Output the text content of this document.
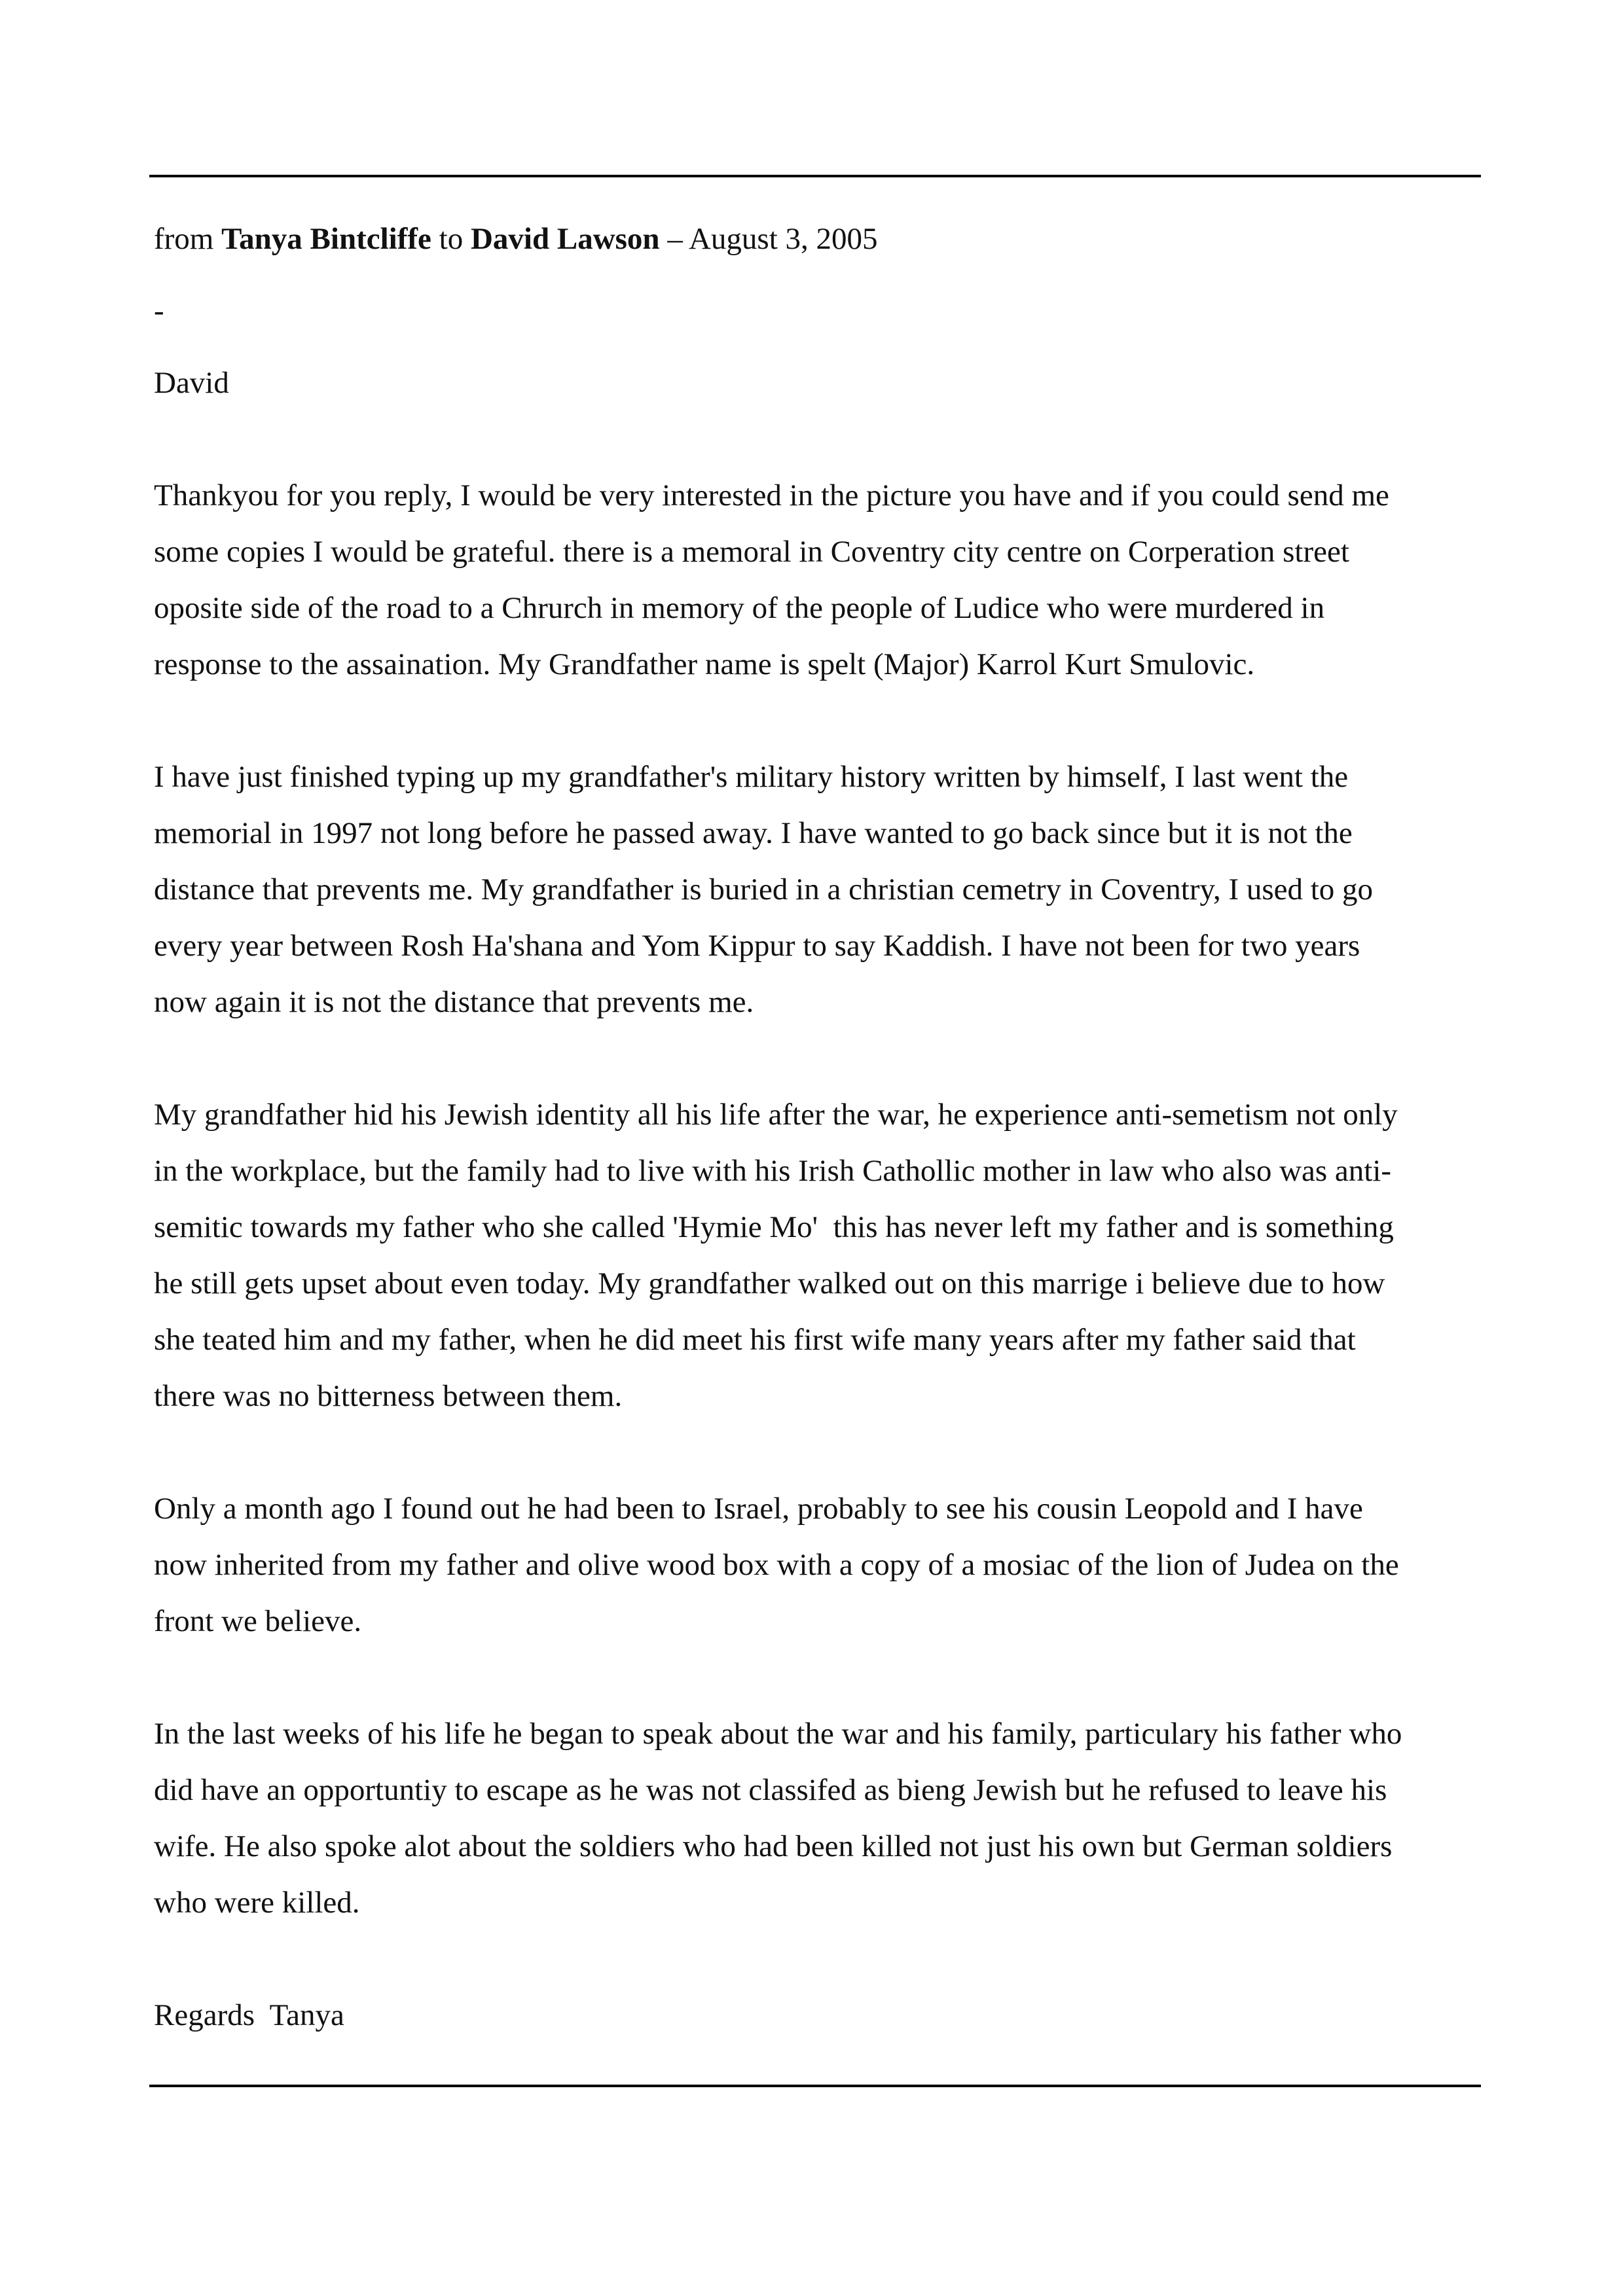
from Tanya Bintcliffe to David Lawson – August 3, 2005

-

David

Thankyou for you reply, I would be very interested in the picture you have and if you could send me

some copies I would be grateful. there is a memoral in Coventry city centre on Corperation street

oposite side of the road to a Chrurch in memory of the people of Ludice who were murdered in

response to the assaination. My Grandfather name is spelt (Major) Karrol Kurt Smulovic.

I have just finished typing up my grandfather's military history written by himself, I last went the

memorial in 1997 not long before he passed away. I have wanted to go back since but it is not the

distance that prevents me. My grandfather is buried in a christian cemetry in Coventry, I used to go

every year between Rosh Ha'shana and Yom Kippur to say Kaddish. I have not been for two years

now again it is not the distance that prevents me.

My grandfather hid his Jewish identity all his life after the war, he experience anti-semetism not only

in the workplace, but the family had to live with his Irish Cathollic mother in law who also was anti-

semitic towards my father who she called 'Hymie Mo'  this has never left my father and is something

he still gets upset about even today. My grandfather walked out on this marrige i believe due to how

she teated him and my father, when he did meet his first wife many years after my father said that

there was no bitterness between them.

Only a month ago I found out he had been to Israel, probably to see his cousin Leopold and I have

now inherited from my father and olive wood box with a copy of a mosiac of the lion of Judea on the

front we believe.

In the last weeks of his life he began to speak about the war and his family, particulary his father who

did have an opportuntiy to escape as he was not classifed as bieng Jewish but he refused to leave his

wife. He also spoke alot about the soldiers who had been killed not just his own but German soldiers

who were killed.

Regards  Tanya
